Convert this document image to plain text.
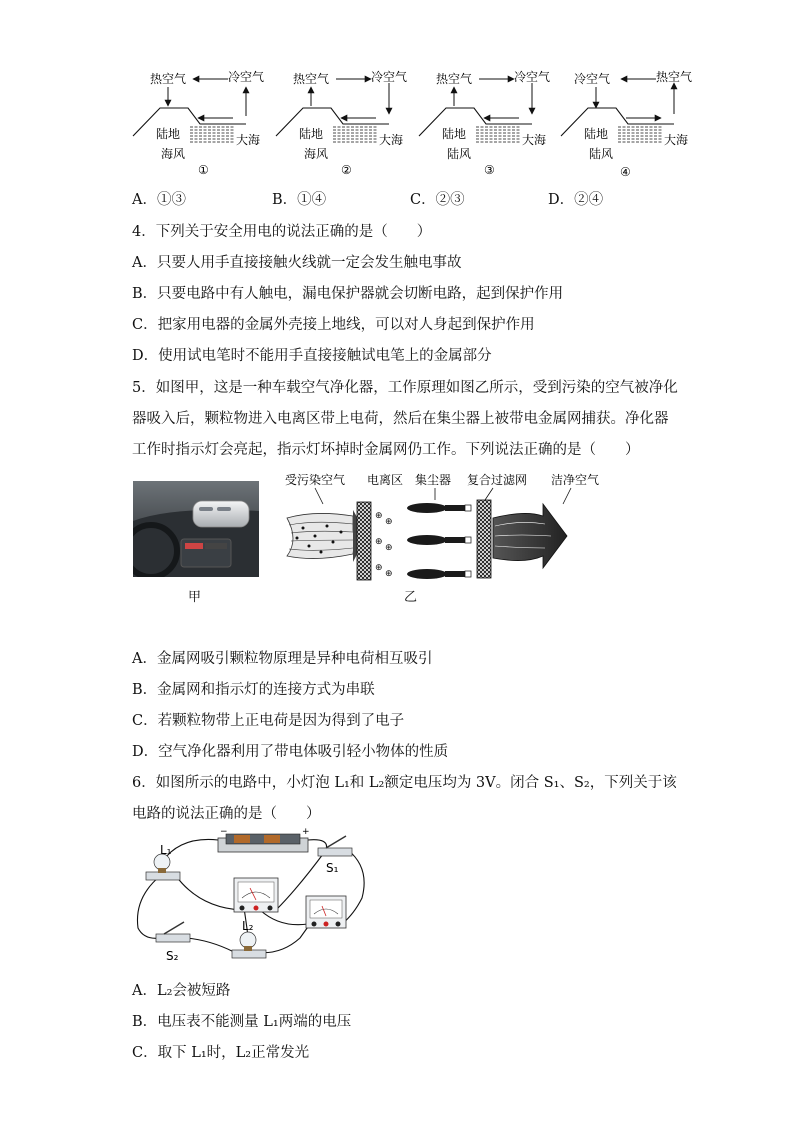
热空气	冷空气
陆地	大海
海风
①
热空气	冷空气
陆地	大海
海风
②
热空气	冷空气
陆地	大海
陆风
③
冷空气	热空气
陆地	大海
陆风
④
A．①③	B．①④	C．②③	D．②④
4．下列关于安全用电的说法正确的是（　　）
A．只要人用手直接接触火线就一定会发生触电事故
B．只要电路中有人触电，漏电保护器就会切断电路，起到保护作用
C．把家用电器的金属外壳接上地线，可以对人身起到保护作用
D．使用试电笔时不能用手直接接触试电笔上的金属部分
5．如图甲，这是一种车载空气净化器，工作原理如图乙所示，受到污染的空气被净化
器吸入后，颗粒物进入电离区带上电荷，然后在集尘器上被带电金属网捕获。净化器
工作时指示灯会亮起，指示灯坏掉时金属网仍工作。下列说法正确的是（　　）
甲
受污染空气 电离区 集尘器 复合过滤网 洁净空气
⊕
⊕
⊕
⊕
⊕
⊕
乙
A．金属网吸引颗粒物原理是异种电荷相互吸引
B．金属网和指示灯的连接方式为串联
C．若颗粒物带上正电荷是因为得到了电子
D．空气净化器利用了带电体吸引轻小物体的性质
6．如图所示的电路中，小灯泡 L₁和 L₂额定电压均为 3V。闭合 S₁、S₂，下列关于该
电路的说法正确的是（　　）
−	+
L₁
S₁
S₂
L₂
A．L₂会被短路
B．电压表不能测量 L₁两端的电压
C．取下 L₁时，L₂正常发光
